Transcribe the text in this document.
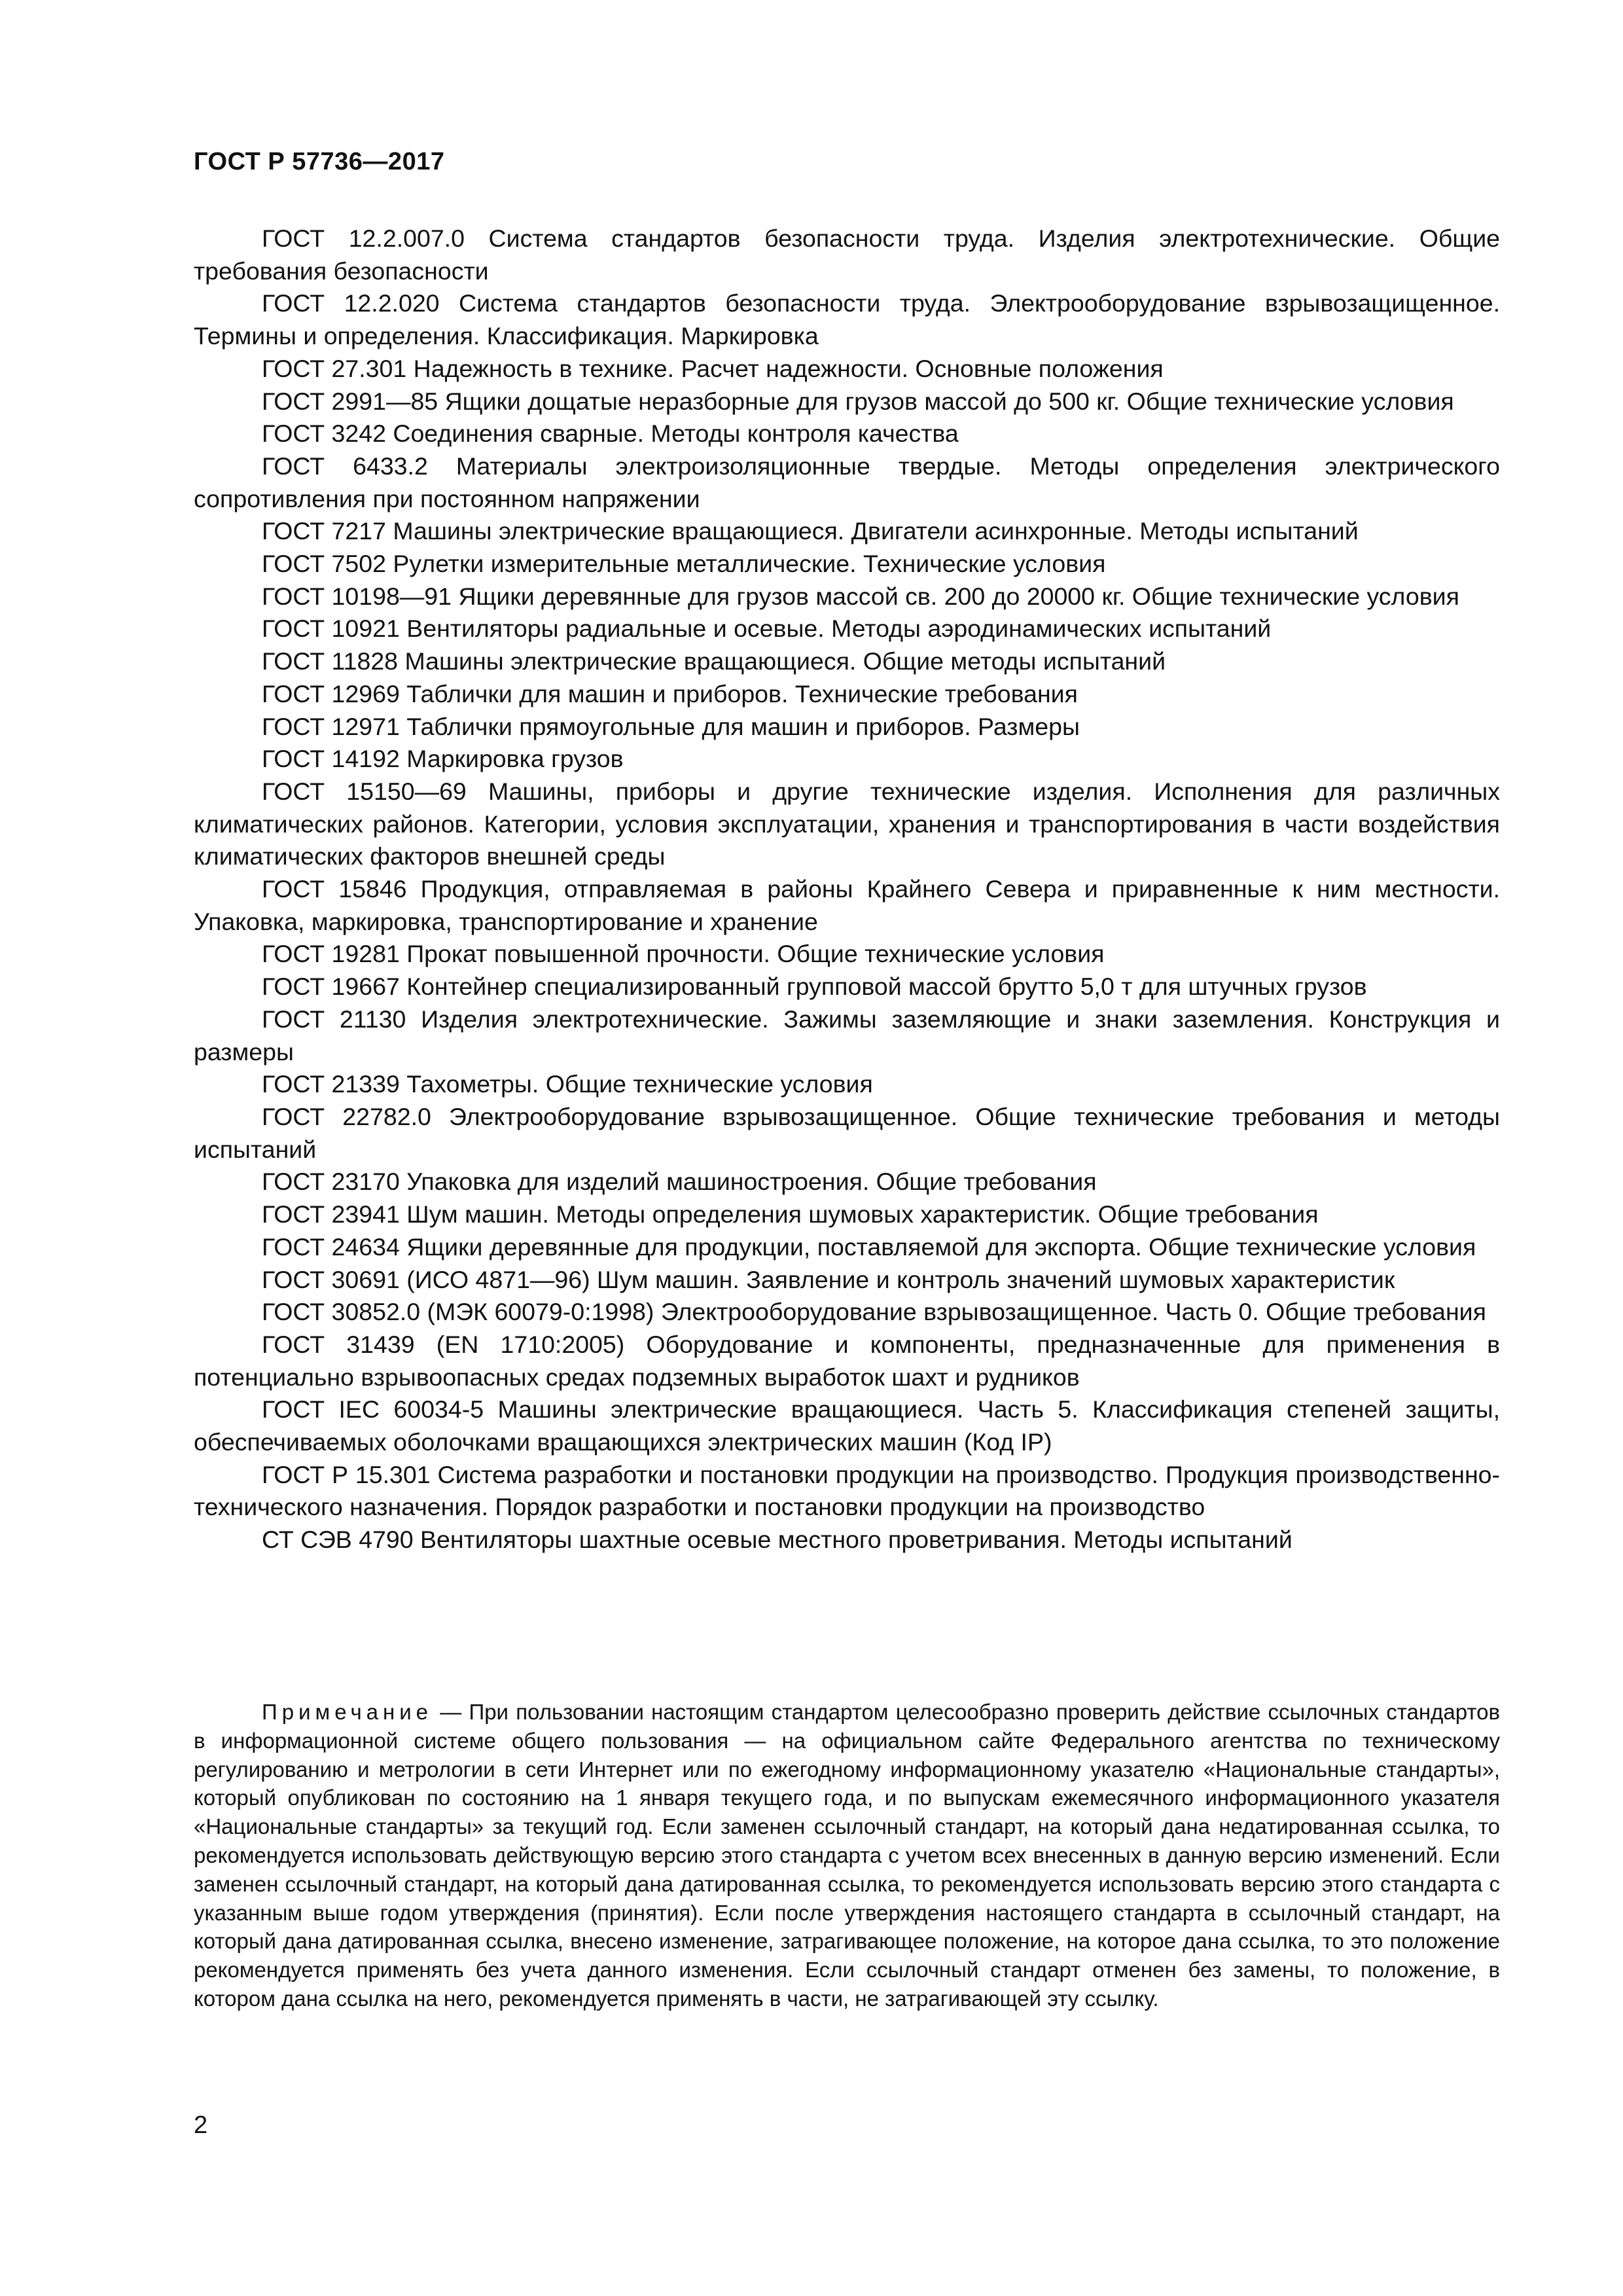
ГОСТ Р 57736—2017

ГОСТ 12.2.007.0 Система стандартов безопасности труда. Изделия электротехнические. Общие требования безопасности

ГОСТ 12.2.020 Система стандартов безопасности труда. Электрооборудование взрывозащищенное. Термины и определения. Классификация. Маркировка

ГОСТ 27.301 Надежность в технике. Расчет надежности. Основные положения

ГОСТ 2991—85 Ящики дощатые неразборные для грузов массой до 500 кг. Общие технические условия

ГОСТ 3242 Соединения сварные. Методы контроля качества

ГОСТ 6433.2 Материалы электроизоляционные твердые. Методы определения электрического сопротивления при постоянном напряжении

ГОСТ 7217 Машины электрические вращающиеся. Двигатели асинхронные. Методы испытаний

ГОСТ 7502 Рулетки измерительные металлические. Технические условия

ГОСТ 10198—91 Ящики деревянные для грузов массой св. 200 до 20000 кг. Общие технические условия

ГОСТ 10921 Вентиляторы радиальные и осевые. Методы аэродинамических испытаний

ГОСТ 11828 Машины электрические вращающиеся. Общие методы испытаний

ГОСТ 12969 Таблички для машин и приборов. Технические требования

ГОСТ 12971 Таблички прямоугольные для машин и приборов. Размеры

ГОСТ 14192 Маркировка грузов

ГОСТ 15150—69 Машины, приборы и другие технические изделия. Исполнения для различных климатических районов. Категории, условия эксплуатации, хранения и транспортирования в части воздействия климатических факторов внешней среды

ГОСТ 15846 Продукция, отправляемая в районы Крайнего Севера и приравненные к ним местности. Упаковка, маркировка, транспортирование и хранение

ГОСТ 19281 Прокат повышенной прочности. Общие технические условия

ГОСТ 19667 Контейнер специализированный групповой массой брутто 5,0 т для штучных грузов

ГОСТ 21130 Изделия электротехнические. Зажимы заземляющие и знаки заземления. Конструкция и размеры

ГОСТ 21339 Тахометры. Общие технические условия

ГОСТ 22782.0 Электрооборудование взрывозащищенное. Общие технические требования и методы испытаний

ГОСТ 23170 Упаковка для изделий машиностроения. Общие требования

ГОСТ 23941 Шум машин. Методы определения шумовых характеристик. Общие требования

ГОСТ 24634 Ящики деревянные для продукции, поставляемой для экспорта. Общие технические условия

ГОСТ 30691 (ИСО 4871—96) Шум машин. Заявление и контроль значений шумовых характеристик

ГОСТ 30852.0 (МЭК 60079-0:1998) Электрооборудование взрывозащищенное. Часть 0. Общие требования

ГОСТ 31439 (EN 1710:2005) Оборудование и компоненты, предназначенные для применения в потенциально взрывоопасных средах подземных выработок шахт и рудников

ГОСТ IEC 60034-5 Машины электрические вращающиеся. Часть 5. Классификация степеней защиты, обеспечиваемых оболочками вращающихся электрических машин (Код IP)

ГОСТ Р 15.301 Система разработки и постановки продукции на производство. Продукция производственно-технического назначения. Порядок разработки и постановки продукции на производство

СТ СЭВ 4790 Вентиляторы шахтные осевые местного проветривания. Методы испытаний

Примечание — При пользовании настоящим стандартом целесообразно проверить действие ссылочных стандартов в информационной системе общего пользования — на официальном сайте Федерального агентства по техническому регулированию и метрологии в сети Интернет или по ежегодному информационному указателю «Национальные стандарты», который опубликован по состоянию на 1 января текущего года, и по выпускам ежемесячного информационного указателя «Национальные стандарты» за текущий год. Если заменен ссылочный стандарт, на который дана недатированная ссылка, то рекомендуется использовать действующую версию этого стандарта с учетом всех внесенных в данную версию изменений. Если заменен ссылочный стандарт, на который дана датированная ссылка, то рекомендуется использовать версию этого стандарта с указанным выше годом утверждения (принятия). Если после утверждения настоящего стандарта в ссылочный стандарт, на который дана датированная ссылка, внесено изменение, затрагивающее положение, на которое дана ссылка, то это положение рекомендуется применять без учета данного изменения. Если ссылочный стандарт отменен без замены, то положение, в котором дана ссылка на него, рекомендуется применять в части, не затрагивающей эту ссылку.

2
